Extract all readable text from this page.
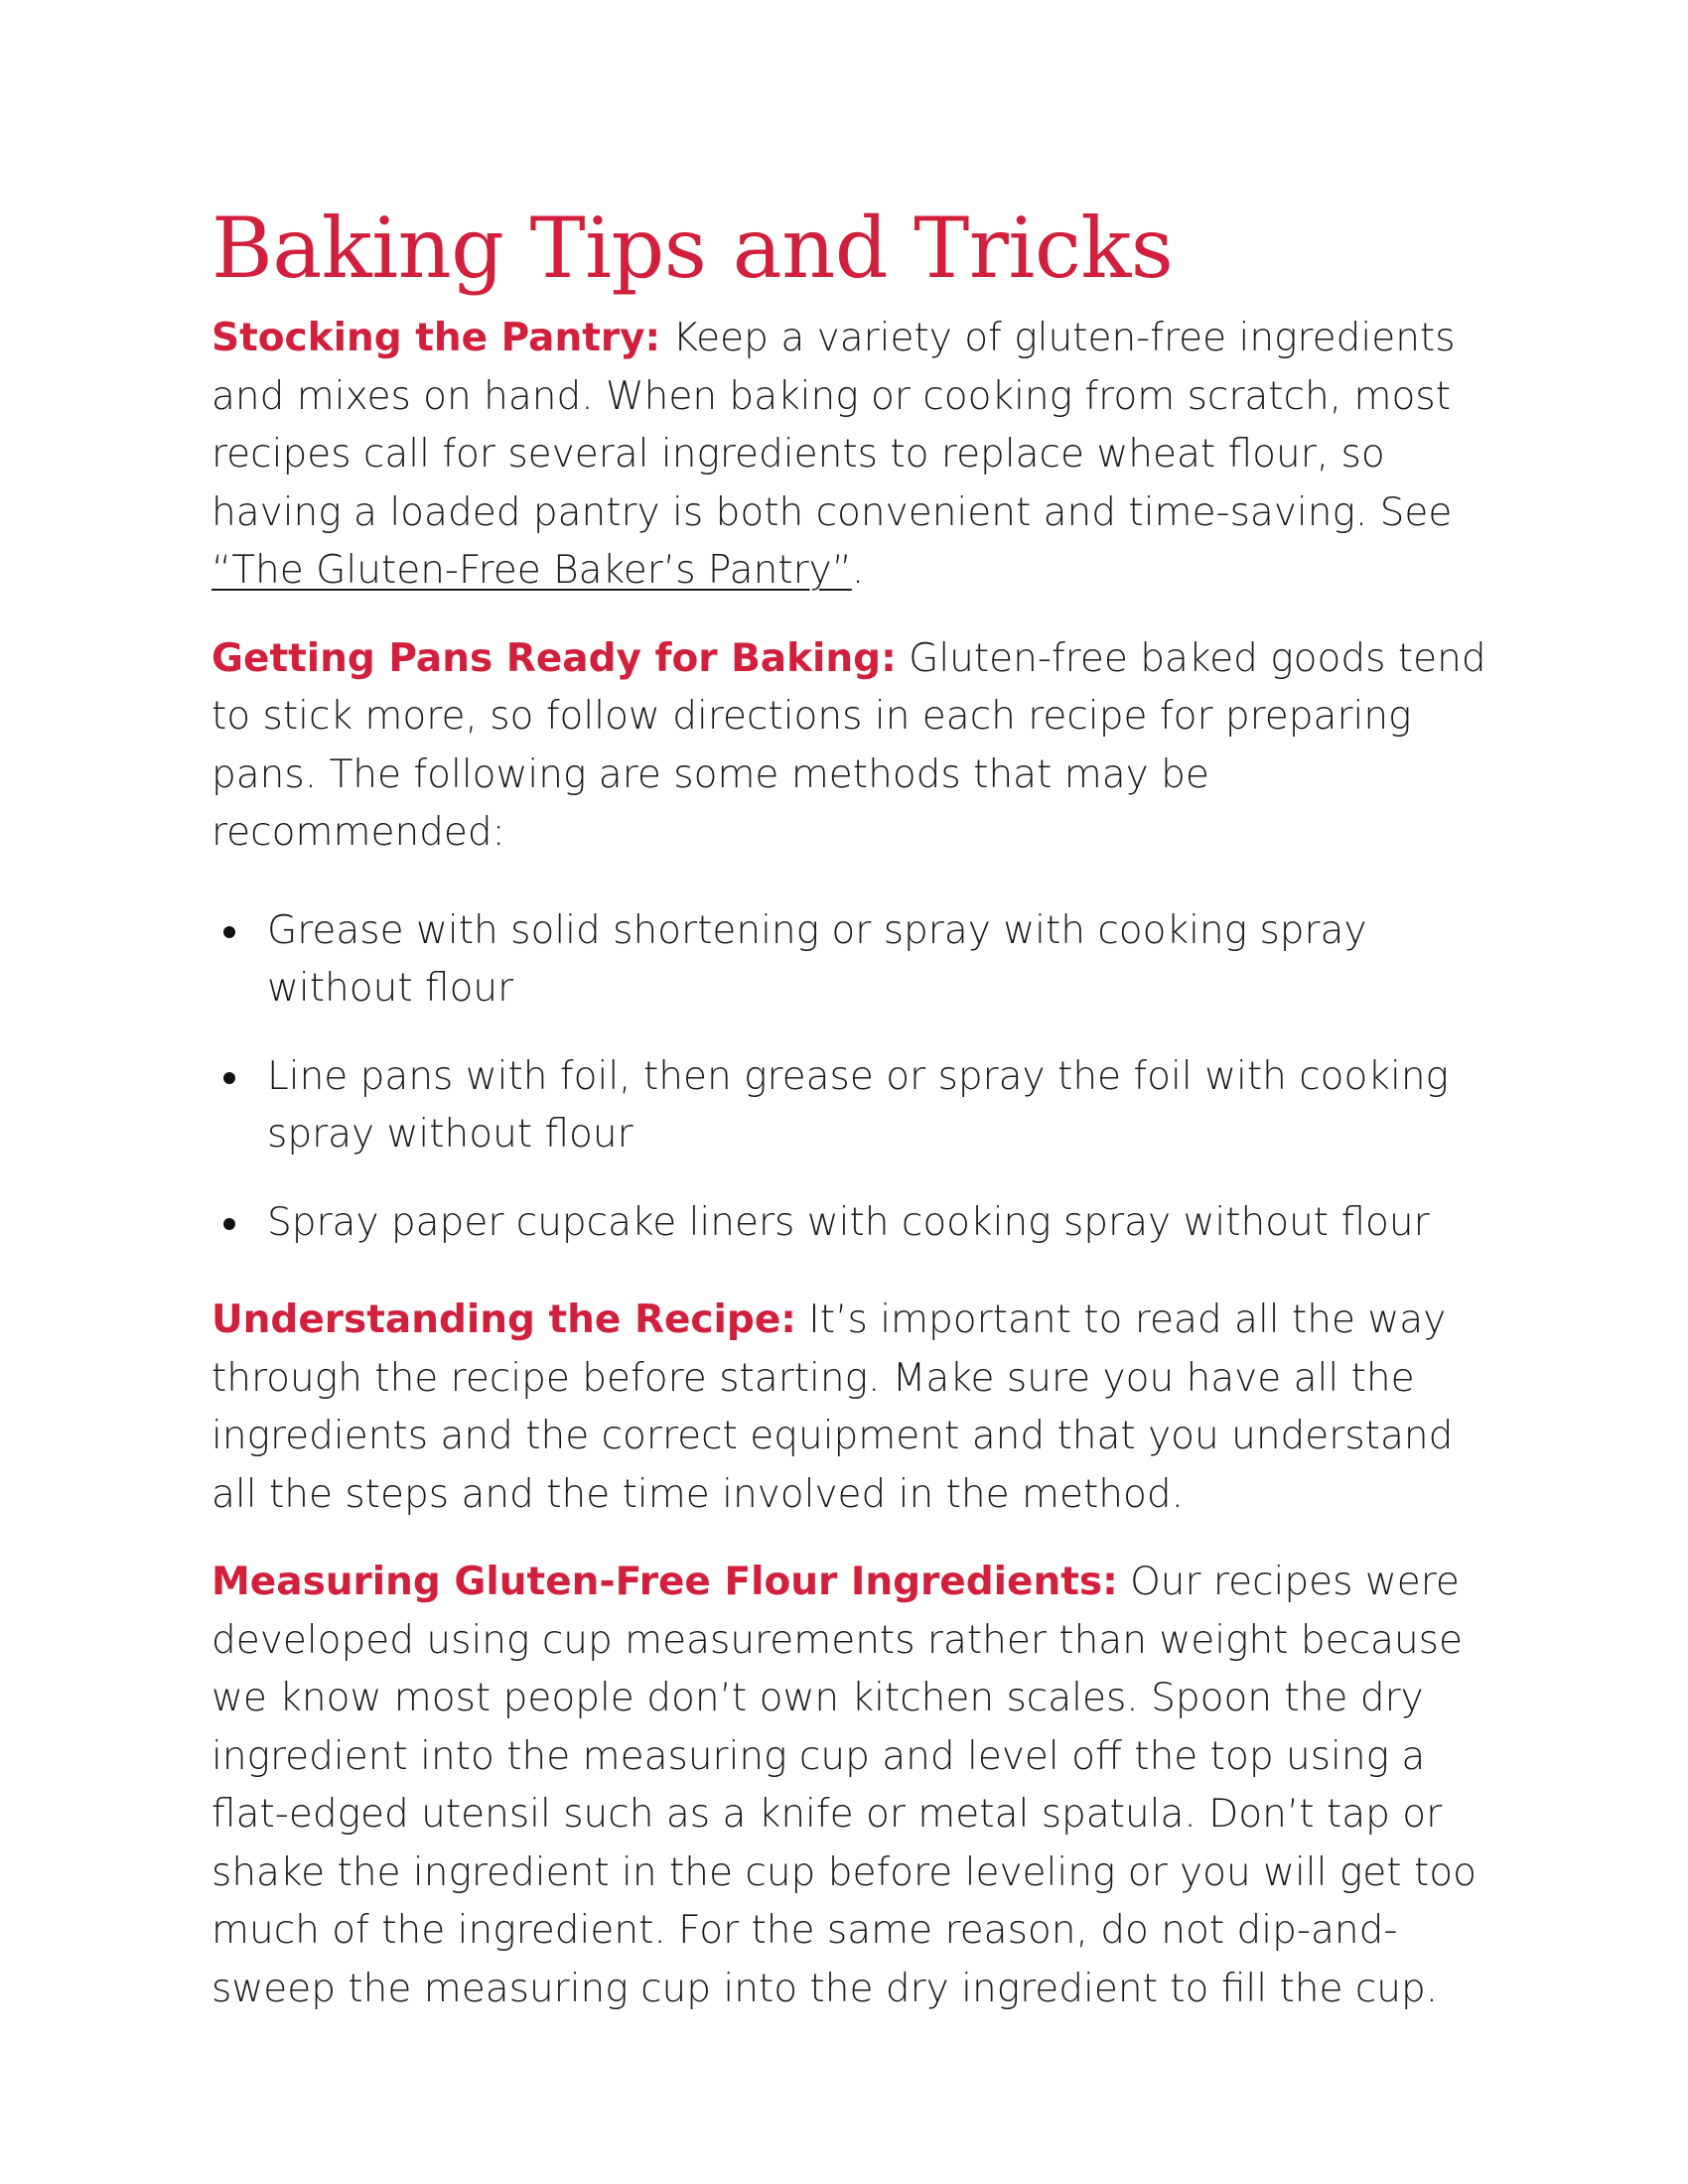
Baking Tips and Tricks

Stocking the Pantry: Keep a variety of gluten-free ingredients and mixes on hand. When baking or cooking from scratch, most recipes call for several ingredients to replace wheat flour, so having a loaded pantry is both convenient and time-saving. See “The Gluten-Free Baker’s Pantry”.

Getting Pans Ready for Baking: Gluten-free baked goods tend to stick more, so follow directions in each recipe for preparing pans. The following are some methods that may be recommended:

Grease with solid shortening or spray with cooking spray without flour
Line pans with foil, then grease or spray the foil with cooking spray without flour
Spray paper cupcake liners with cooking spray without flour

Understanding the Recipe: It’s important to read all the way through the recipe before starting. Make sure you have all the ingredients and the correct equipment and that you understand all the steps and the time involved in the method.

Measuring Gluten-Free Flour Ingredients: Our recipes were developed using cup measurements rather than weight because we know most people don’t own kitchen scales. Spoon the dry ingredient into the measuring cup and level off the top using a flat-edged utensil such as a knife or metal spatula. Don’t tap or shake the ingredient in the cup before leveling or you will get too much of the ingredient. For the same reason, do not dip-and-sweep the measuring cup into the dry ingredient to fill the cup.
